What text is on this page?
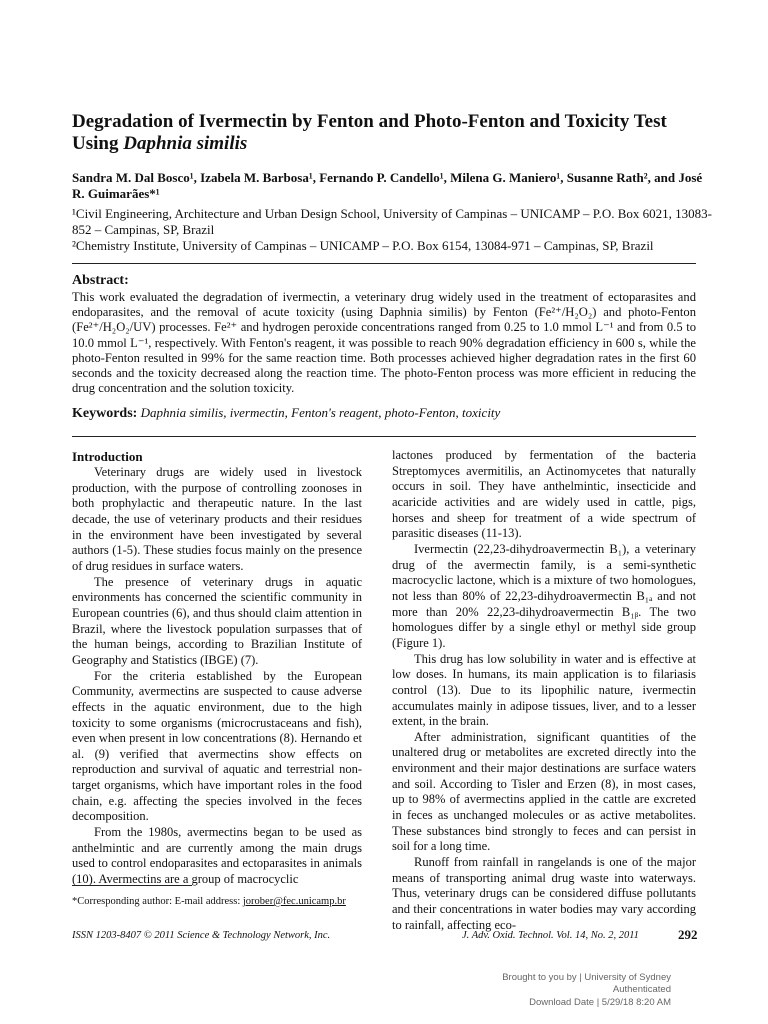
Degradation of Ivermectin by Fenton and Photo-Fenton and Toxicity Test Using Daphnia similis
Sandra M. Dal Bosco¹, Izabela M. Barbosa¹, Fernando P. Candello¹, Milena G. Maniero¹, Susanne Rath², and José R. Guimarães*¹
¹Civil Engineering, Architecture and Urban Design School, University of Campinas – UNICAMP – P.O. Box 6021, 13083-852 – Campinas, SP, Brazil
²Chemistry Institute, University of Campinas – UNICAMP – P.O. Box 6154, 13084-971 – Campinas, SP, Brazil
Abstract:
This work evaluated the degradation of ivermectin, a veterinary drug widely used in the treatment of ectoparasites and endoparasites, and the removal of acute toxicity (using Daphnia similis) by Fenton (Fe²⁺/H₂O₂) and photo-Fenton (Fe²⁺/H₂O₂/UV) processes. Fe²⁺ and hydrogen peroxide concentrations ranged from 0.25 to 1.0 mmol L⁻¹ and from 0.5 to 10.0 mmol L⁻¹, respectively. With Fenton's reagent, it was possible to reach 90% degradation efficiency in 600 s, while the photo-Fenton resulted in 99% for the same reaction time. Both processes achieved higher degradation rates in the first 60 seconds and the toxicity decreased along the reaction time. The photo-Fenton process was more efficient in reducing the drug concentration and the solution toxicity.
Keywords: Daphnia similis, ivermectin, Fenton's reagent, photo-Fenton, toxicity
Introduction

Veterinary drugs are widely used in livestock production, with the purpose of controlling zoonoses in both prophylactic and therapeutic nature. In the last decade, the use of veterinary products and their residues in the environment have been investigated by several authors (1-5). These studies focus mainly on the presence of drug residues in surface waters.

The presence of veterinary drugs in aquatic environments has concerned the scientific community in European countries (6), and thus should claim attention in Brazil, where the livestock population surpasses that of the human beings, according to Brazilian Institute of Geography and Statistics (IBGE) (7).

For the criteria established by the European Community, avermectins are suspected to cause adverse effects in the aquatic environment, due to the high toxicity to some organisms (microcrustaceans and fish), even when present in low concentrations (8). Hernando et al. (9) verified that avermectins show effects on reproduction and survival of aquatic and terrestrial non-target organisms, which have important roles in the food chain, e.g. affecting the species involved in the feces decomposition.

From the 1980s, avermectins began to be used as anthelmintic and are currently among the main drugs used to control endoparasites and ectoparasites in animals (10). Avermectins are a group of macrocyclic

lactones produced by fermentation of the bacteria Streptomyces avermitilis, an Actinomycetes that naturally occurs in soil. They have anthelmintic, insecticide and acaricide activities and are widely used in cattle, pigs, horses and sheep for treatment of a wide spectrum of parasitic diseases (11-13).

Ivermectin (22,23-dihydroavermectin B₁), a veterinary drug of the avermectin family, is a semi-synthetic macrocyclic lactone, which is a mixture of two homologues, not less than 80% of 22,23-dihydroavermectin B₁ₐ and not more than 20% 22,23-dihydroavermectin B₁ᵦ. The two homologues differ by a single ethyl or methyl side group (Figure 1).

This drug has low solubility in water and is effective at low doses. In humans, its main application is to filariasis control (13). Due to its lipophilic nature, ivermectin accumulates mainly in adipose tissues, liver, and to a lesser extent, in the brain.

After administration, significant quantities of the unaltered drug or metabolites are excreted directly into the environment and their major destinations are surface waters and soil. According to Tisler and Erzen (8), in most cases, up to 98% of avermectins applied in the cattle are excreted in feces as unchanged molecules or as active metabolites. These substances bind strongly to feces and can persist in soil for a long time.

Runoff from rainfall in rangelands is one of the major means of transporting animal drug waste into waterways. Thus, veterinary drugs can be considered diffuse pollutants and their concentrations in water bodies may vary according to rainfall, affecting eco-

*Corresponding author: E-mail address: jorober@fec.unicamp.br
ISSN 1203-8407 © 2011 Science & Technology Network, Inc.	J. Adv. Oxid. Technol. Vol. 14, No. 2, 2011	292
Brought to you by | University of Sydney
Authenticated
Download Date | 5/29/18 8:20 AM
